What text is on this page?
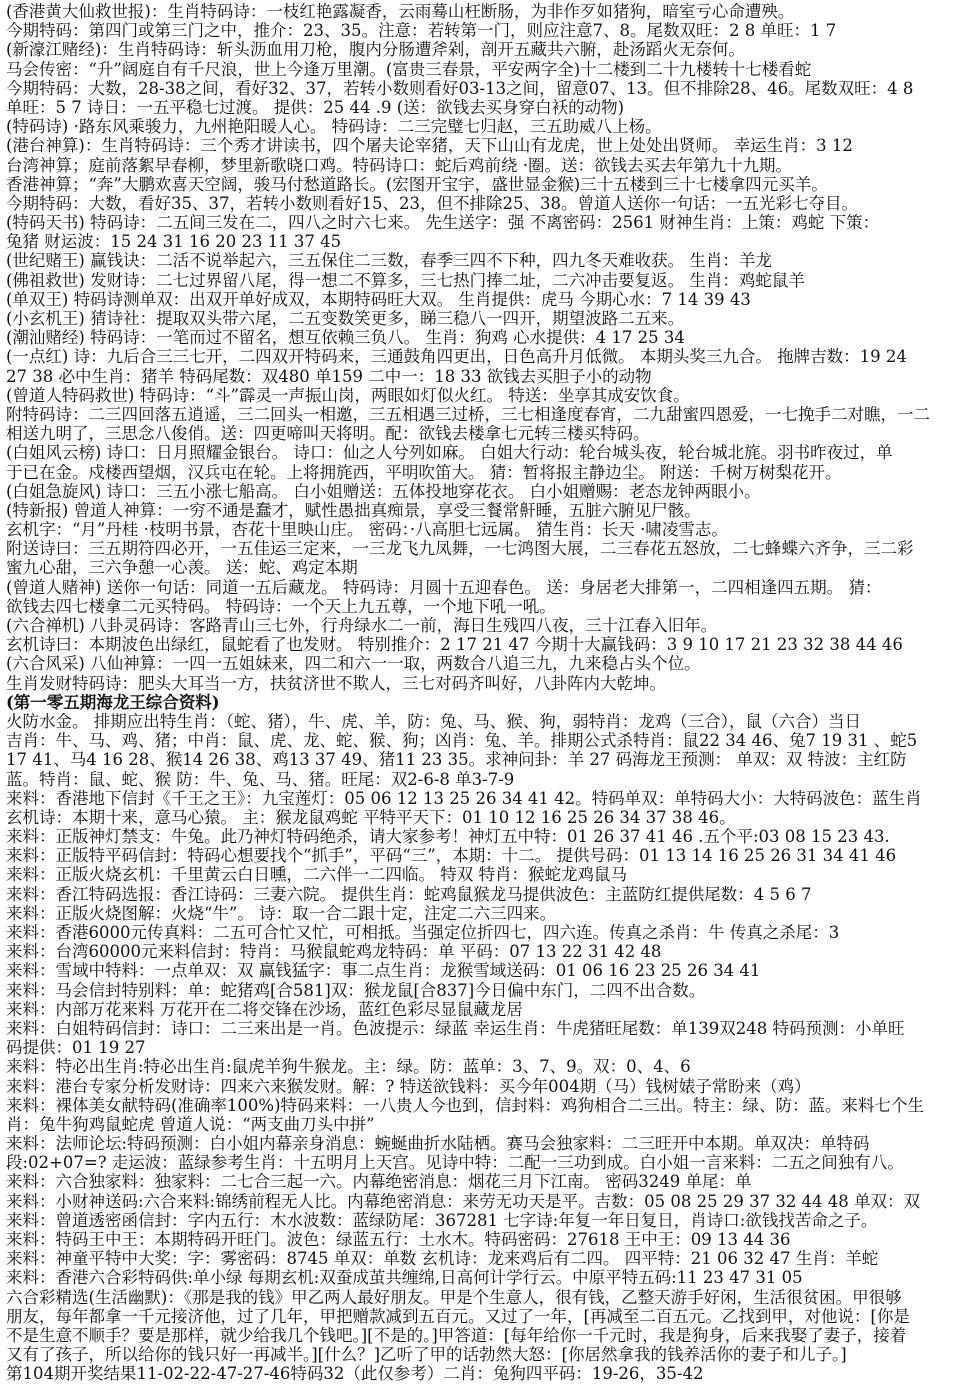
(香港黄大仙救世报)：生肖特码诗：一枝红艳露凝香，云雨蓦山枉断肠，为非作歹如猪狗，暗室亏心命遭殃。
今期特码：第四门或第三门之中，推介：23、35。注意：若转第一门，则应注意7、8。尾数双旺：2 8 单旺：1 7
(新濠江赌经)：生肖特码诗：斩头沥血用刀枪，腹内分肠遭斧剁，剖开五藏共六腑，赴汤蹈火无奈何。
马会传密：“升”阔庭自有千尺浪，世上今逢万里潮。(富贵三春景，平安两字全)十二楼到二十九楼转十七楼看蛇
今期特码：大数，28-38之间，看好32、37，若转小数则看好03-13之间，留意07、13。但不排除28、46。尾数双旺：4 8
单旺：5 7 诗日：一五平稳七过渡。 提供：25 44 .9 (送：欲钱去买身穿白袄的动物)
(特码诗) ·路东风乘骏力，九州艳阳暖人心。 特码诗：二三完璧七归赵，三五助威八上杨。
(港台神算)：生肖特码诗：三个秀才讲读书，四个屠夫论宰猪，天下山山有龙虎，世上处处出贤师。 幸运生肖：3 12
台湾神算；庭前落絮早春柳，梦里新歌晓口鸡。特码诗口：蛇后鸡前绕 ·圈。送：欲钱去买去年第九十九期。
香港神算；“奔”大鹏欢喜天空阔，骏马付愁道路长。(宏图开宝宇，盛世显金猴)三十五楼到三十七楼拿四元买羊。
今期特码：大数，看好35、37，若转小数则看好15、23，但不排除25、38。曾道人送你一句话：一五光彩七夺目。
(特码天书) 特码诗：二五间三发在二，四八之时六七来。 先生送字：强 不离密码：2561 财神生肖：上策：鸡蛇 下策：
兔猪 财运波：15 24 31 16 20 23 11 37 45
(世纪赌王) 赢钱诀：二活不说举起六，三五保住二三数，春季三四不下种，四九冬天难收获。 生肖：羊龙
(佛祖救世) 发财诗：二七过界留八尾，得一想二不算多，三七热门捧二址，二六冲击要复返。 生肖：鸡蛇鼠羊
(单双王) 特码诗测单双：出双开单好成双，本期特码旺大双。 生肖提供：虎马 今期心水：7 14 39 43
(小玄机王) 猜诗社：提取双头带六尾，二五变数笑更多，睇三稳八一四开，期望波路二五来。
(潮汕赌经) 特码诗：一笔而过不留名，想互依赖三负八。 生肖：狗鸡 心水提供：4 17 25 34
(一点红) 诗：九后合三三七开，二四双开特码来，三通鼓角四更出，日色高升月低微。 本期头奖三九合。 拖牌吉数：19 24
27 38 必中生肖：猪羊 特码尾数：双480 单159 二中一：18 33 欲钱去买胆子小的动物
(曾道人特码救世) 特码诗：“斗”霹灵一声振山岗，两眼如灯似火红。 特送：坐享其成安饮食。
附特码诗：二三四回落五逍遥，三二回头一相邀，三五相遇三过桥，三七相逢度春宵，二九甜蜜四恩爱，一七挽手二对瞧，一二
相送九明了，三思念八俊俏。送：四更啼叫天将明。配：欲钱去楼拿七元转三楼买特码。
(白姐风云榜) 诗口：日月照耀金银台。 诗口：仙之人兮列如麻。 白姐大行动：轮台城头夜，轮台城北旄。羽书昨夜过，单
于已在金。戍楼西望烟，汉兵屯在轮。上将拥旄西，平明吹笛大。 猜：暂将报主静边尘。 附送：千树万树梨花开。
(白姐急旋风) 诗口：三五小涨七船高。 白小姐赠送：五体投地穿花衣。 白小姐赠赐：老态龙钟两眼小。
(特新报) 曾道人神算：一穷不通是蠢才，赋性愚拙真痴景，享受三餐常鼾睡，五脏六腑见尸骸。
玄机字：“月”丹桂 ·枝明书景，杏花十里映山庄。 密码：·八高胆七远属。 猜生肖：长天 ·啸凌雪志。
附送诗曰：三五期符四必开，一五佳运三定来，一三龙飞九凤舞，一七鸿图大展，二三春花五怒放，二七蜂蝶六齐争，三二彩
蜜九心甜，三六争憩一心羡。 送：蛇、鸡定本期
(曾道人赌神) 送你一句话：同道一五后藏龙。 特码诗：月圆十五迎春色。 送：身居老大排第一，二四相逢四五期。 猜：
欲钱去四七楼拿二元买特码。 特码诗：一个天上九五尊，一个地下吼一吼。
(六合禅机) 八卦灵码诗：客路青山三七外，行舟绿水二一前，海日生残四八夜，三十江春入旧年。
玄机诗曰：本期波色出绿红，鼠蛇看了也发财。 特别推介：2 17 21 47 今期十大赢钱码：3 9 10 17 21 23 32 38 44 46
(六合风采) 八仙神算：一四一五姐妹来，四二和六一一取，两数合八追三九，九来稳占头个位。
生肖发财特码诗：肥头大耳当一方，扶贫济世不欺人，三七对码齐叫好，八卦阵内大乾坤。
(第一零五期海龙王综合资料)
火防水金。 排期应出特生肖：（蛇、猪），牛、虎、羊，防：兔、马、猴、狗，弱特肖：龙鸡（三合），鼠（六合）当日
吉肖：牛、马、鸡、猪；中肖：鼠、虎、龙、蛇、猴、狗；凶肖：兔、羊。排期公式杀特肖：鼠22 34 46、兔7 19 31 、蛇5
17 41、马4 16 28、猴14 26 38、鸡13 37 49、猪11 23 35。求神问卦：羊 27 码海龙王预测： 单双：双 特波：主红防
蓝。特肖：鼠、蛇、猴 防：牛、兔、马、猪。旺尾：双2-6-8 单3-7-9
来料：香港地下信封《千王之王》：九宝莲灯：05 06 12 13 25 26 34 41 42。特码单双：单特码大小：大特码波色：蓝生肖
玄机诗：本期十来，意马心猿。 主：猴龙鼠鸡蛇 平特平天下：01 10 12 16 25 26 34 37 38 46。
来料：正版神灯禁支：牛兔。此乃神灯特码绝杀，请大家参考！神灯五中特：01 26 37 41 46 .五个平:03 08 15 23 43.
来料：正版特平码信封：特码心想要找个“抓手”，平码“三”，本期：十二。 提供号码：01 13 14 16 25 26 31 34 41 46
来料：正版火烧玄机：千里黄云白日曛，二六伴一二四临。 特双 特肖：猴蛇龙鸡鼠马
来料：香江特码选报：香江诗码：三妻六院。 提供生肖：蛇鸡鼠猴龙马提供波色：主蓝防红提供尾数：4 5 6 7
来料：正版火烧图解：火烧“牛”。 诗：取一合二跟十定，注定二六三四来。
来料：香港6000元传真料：二五可合忙又忙，可相抵。当强定位折四七，四六连。传真之杀肖：牛 传真之杀尾：3
来料：台湾60000元来料信封：特肖：马猴鼠蛇鸡龙特码：单 平码：07 13 22 31 42 48
来料：雪域中特料：一点单双：双 赢钱猛字：事二点生肖：龙猴雪域送码：01 06 16 23 25 26 34 41
来料：马会信封特别料：单：蛇猪鸡[合581]双：猴龙鼠[合837]今日偏中东门，二四不出合数。
来料：内部万花来料 万花开在二将交锋在沙场，蓝红色彩尽显鼠藏龙居
来料：白姐特码信封：诗口：二三来出是一肖。色波提示：绿蓝 幸运生肖：牛虎猪旺尾数：单139双248 特码预测：小单旺
码提供：01 19 27
来料：特必出生肖:特必出生肖:鼠虎羊狗牛猴龙。主：绿。防：蓝单：3、7、9。双：0、4、6
来料：港台专家分析发财诗：四来六来猴发财。解：? 特送欲钱料：买今年004期（马）钱树婊子常盼来（鸡）
来料：裸体美女献特码(准确率100%)特码来料：一八贵人今也到，信封料：鸡狗相合二三出。特主：绿、防：蓝。来料七个生
肖：兔牛狗鸡鼠蛇虎 曾道人说：“两支曲刀头中拼”
来料：法师论坛:特码预测：白小姐内幕亲身消息：蜿蜒曲折水陆栖。赛马会独家料：二三旺开中本期。单双决：单特码
段:02+07=? 走运波：蓝绿参考生肖：十五明月上天宫。见诗中特：二配一三功到成。白小姐一言来料：二五之间独有八。
来料：六合独家料：独家料：二七合三起一六。内幕绝密消息：烟花三月下江南。 密码3249 单尾：单
来料：小财神送码:六合来料:锦绣前程无人比。内幕绝密消息：来劳无功天是平。吉数：05 08 25 29 37 32 44 48 单双：双
来料：曾道透密函信封：字内五行：木水波数：蓝绿防尾：367281 七字诗:年复一年日复日，肖诗口:欲钱找苦命之子。
来料：特码王中王：本期特码开旺门。波色：绿蓝五行：土水木。特码密码：27618 王中王：09 13 44 36
来料：神童平特中大奖：字：雾密码：8745 单双：单数 玄机诗：龙来鸡后有二四。 四平特：21 06 32 47 生肖：羊蛇
来料：香港六合彩特码供:单小绿 每期玄机:双蚕成茧共缠绵,日高何计学行云。中原平特五码:11 23 47 31 05
六合彩精选(生活幽默)：《那是我的钱》甲乙两人最好朋友。甲是个生意人，很有钱，乙整天游手好闲，生活很贫困。甲很够
朋友，每年都拿一千元接济他，过了几年，甲把赠款减到五百元。又过了一年，[再减至二百五元。乙找到甲，对他说：[你是
不是生意不顺手？要是那样，就少给我几个钱吧。][不是的。]甲答道：[每年给你一千元时，我是狗身，后来我娶了妻子，接着
又有了孩子，所以给你的钱只好一再减半。][什么？]乙听了甲的话勃然大怒：[你居然拿我的钱养活你的妻子和儿子。]
第104期开奖结果11-02-22-47-27-46特码32（此仅参考）二肖：兔狗四平码：19-26，35-42
